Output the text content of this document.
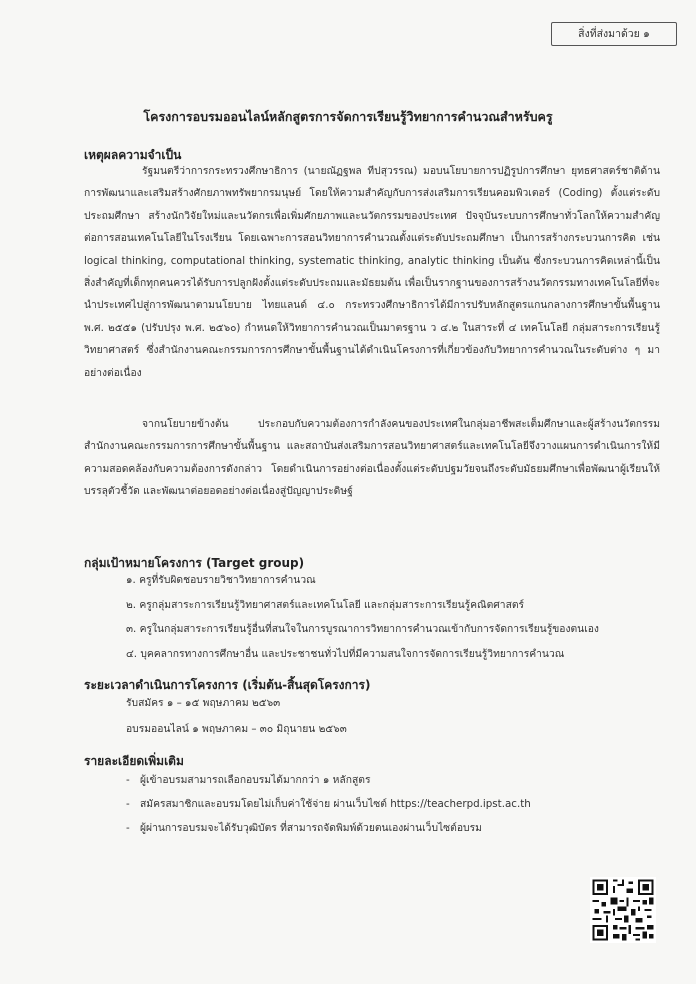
สิ่งที่ส่งมาด้วย ๑
โครงการอบรมออนไลน์หลักสูตรการจัดการเรียนรู้วิทยาการคำนวณสำหรับครู
เหตุผลความจำเป็น
รัฐมนตรีว่าการกระทรวงศึกษาธิการ (นายณัฏฐพล ทีปสุวรรณ) มอบนโยบายการปฏิรูปการศึกษา ยุทธศาสตร์ชาติด้านการพัฒนาและเสริมสร้างศักยภาพทรัพยากรมนุษย์ โดยให้ความสำคัญกับการส่งเสริมการเรียนคอมพิวเตอร์ (Coding) ตั้งแต่ระดับประถมศึกษา สร้างนักวิจัยใหม่และนวัตกรเพื่อเพิ่มศักยภาพและนวัตกรรมของประเทศ ปัจจุบันระบบการศึกษาทั่วโลกให้ความสำคัญต่อการสอนเทคโนโลยีในโรงเรียน โดยเฉพาะการสอนวิทยาการคำนวณตั้งแต่ระดับประถมศึกษา เป็นการสร้างกระบวนการคิด เช่น logical thinking, computational thinking, systematic thinking, analytic thinking เป็นต้น ซึ่งกระบวนการคิดเหล่านี้เป็นสิ่งสำคัญที่เด็กทุกคนควรได้รับการปลูกฝังตั้งแต่ระดับประถมและมัธยมต้น เพื่อเป็นรากฐานของการสร้างนวัตกรรมทางเทคโนโลยีที่จะนำประเทศไปสู่การพัฒนาตามนโยบาย ไทยแลนด์ ๔.๐ กระทรวงศึกษาธิการได้มีการปรับหลักสูตรแกนกลางการศึกษาขั้นพื้นฐาน พ.ศ. ๒๕๕๑ (ปรับปรุง พ.ศ. ๒๕๖๐) กำหนดให้วิทยาการคำนวณเป็นมาตรฐาน ว ๔.๒ ในสาระที่ ๔ เทคโนโลยี กลุ่มสาระการเรียนรู้วิทยาศาสตร์ ซึ่งสำนักงานคณะกรรมการการศึกษาขั้นพื้นฐานได้ดำเนินโครงการที่เกี่ยวข้องกับวิทยาการคำนวณในระดับต่าง ๆ มาอย่างต่อเนื่อง
จากนโยบายข้างต้น ประกอบกับความต้องการกำลังคนของประเทศในกลุ่มอาชีพสะเต็มศึกษาและผู้สร้างนวัตกรรม สำนักงานคณะกรรมการการศึกษาขั้นพื้นฐาน และสถาบันส่งเสริมการสอนวิทยาศาสตร์และเทคโนโลยีจึงวางแผนการดำเนินการให้มีความสอดคล้องกับความต้องการดังกล่าว โดยดำเนินการอย่างต่อเนื่องตั้งแต่ระดับปฐมวัยจนถึงระดับมัธยมศึกษาเพื่อพัฒนาผู้เรียนให้บรรลุตัวชี้วัด และพัฒนาต่อยอดอย่างต่อเนื่องสู่ปัญญาประดิษฐ์
กลุ่มเป้าหมายโครงการ (Target group)
๑. ครูที่รับผิดชอบรายวิชาวิทยาการคำนวณ
๒. ครูกลุ่มสาระการเรียนรู้วิทยาศาสตร์และเทคโนโลยี และกลุ่มสาระการเรียนรู้คณิตศาสตร์
๓. ครูในกลุ่มสาระการเรียนรู้อื่นที่สนใจในการบูรณาการวิทยาการคำนวณเข้ากับการจัดการเรียนรู้ของตนเอง
๔. บุคคลากรทางการศึกษาอื่น และประชาชนทั่วไปที่มีความสนใจการจัดการเรียนรู้วิทยาการคำนวณ
ระยะเวลาดำเนินการโครงการ (เริ่มต้น-สิ้นสุดโครงการ)
รับสมัคร ๑ – ๑๕ พฤษภาคม ๒๕๖๓
อบรมออนไลน์ ๑ พฤษภาคม – ๓๐ มิถุนายน ๒๕๖๓
รายละเอียดเพิ่มเติม
- ผู้เข้าอบรมสามารถเลือกอบรมได้มากกว่า ๑ หลักสูตร
- สมัครสมาชิกและอบรมโดยไม่เก็บค่าใช้จ่าย ผ่านเว็บไซต์ https://teacherpd.ipst.ac.th
- ผู้ผ่านการอบรมจะได้รับวุฒิบัตร ที่สามารถจัดพิมพ์ด้วยตนเองผ่านเว็บไซต์อบรม
